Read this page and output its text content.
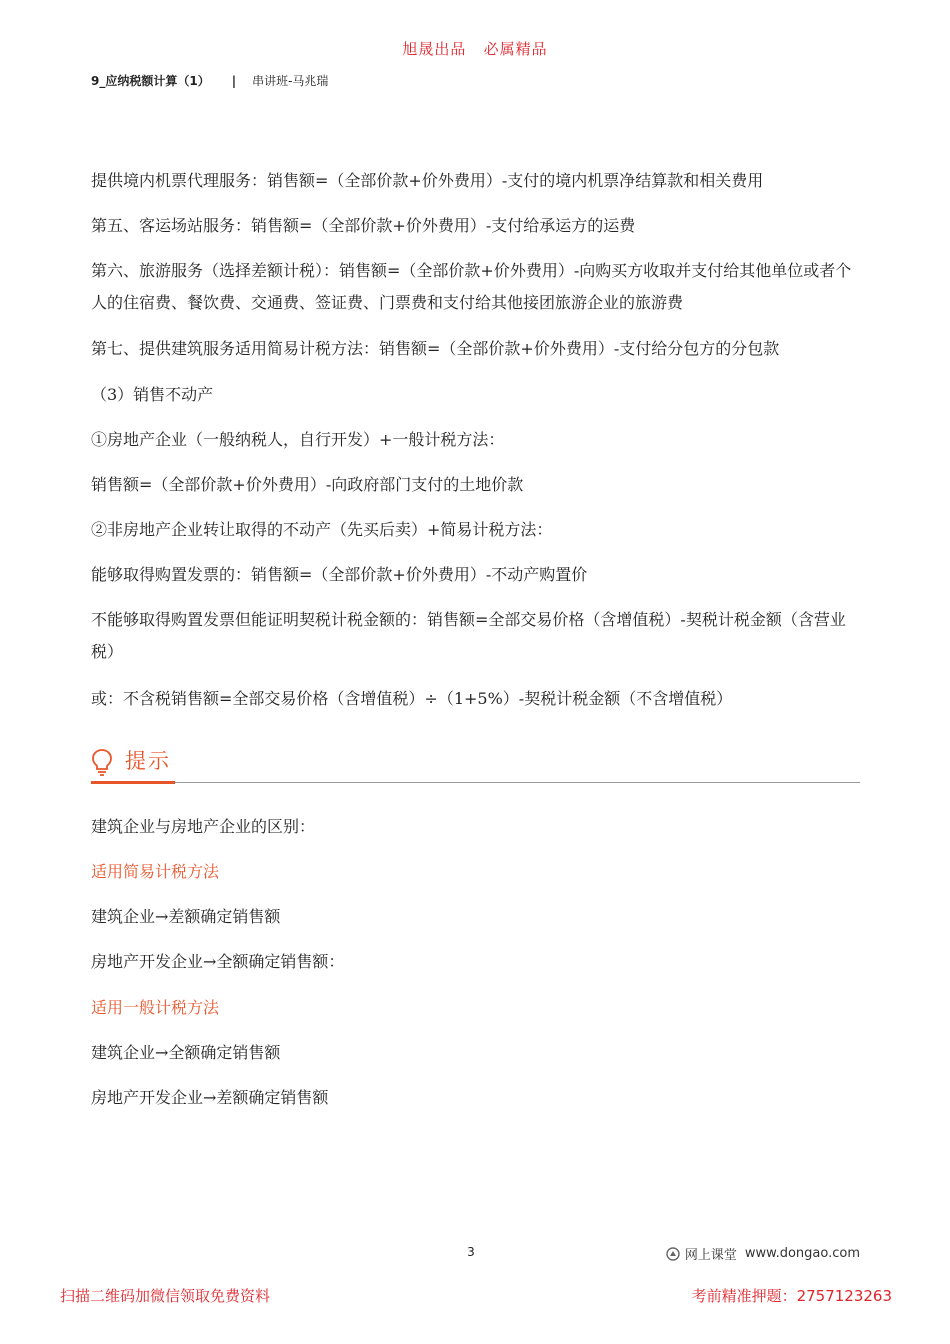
旭晟出品   必属精品
9_应纳税额计算（1） | 串讲班-马兆瑞
提供境内机票代理服务：销售额=（全部价款+价外费用）-支付的境内机票净结算款和相关费用
第五、客运场站服务：销售额=（全部价款+价外费用）-支付给承运方的运费
第六、旅游服务（选择差额计税）：销售额=（全部价款+价外费用）-向购买方收取并支付给其他单位或者个人的住宿费、餐饮费、交通费、签证费、门票费和支付给其他接团旅游企业的旅游费
第七、提供建筑服务适用简易计税方法：销售额=（全部价款+价外费用）-支付给分包方的分包款
（3）销售不动产
①房地产企业（一般纳税人，自行开发）+一般计税方法：
销售额=（全部价款+价外费用）-向政府部门支付的土地价款
②非房地产企业转让取得的不动产（先买后卖）+简易计税方法：
能够取得购置发票的：销售额=（全部价款+价外费用）-不动产购置价
不能够取得购置发票但能证明契税计税金额的：销售额=全部交易价格（含增值税）-契税计税金额（含营业税）
或：不含税销售额=全部交易价格（含增值税）÷（1+5%）-契税计税金额（不含增值税）
提示
建筑企业与房地产企业的区别：
适用简易计税方法
建筑企业→差额确定销售额
房地产开发企业→全额确定销售额：
适用一般计税方法
建筑企业→全额确定销售额
房地产开发企业→差额确定销售额
3	网上课堂 www.dongao.com
扫描二维码加微信领取免费资料	考前精准押题：2757123263
